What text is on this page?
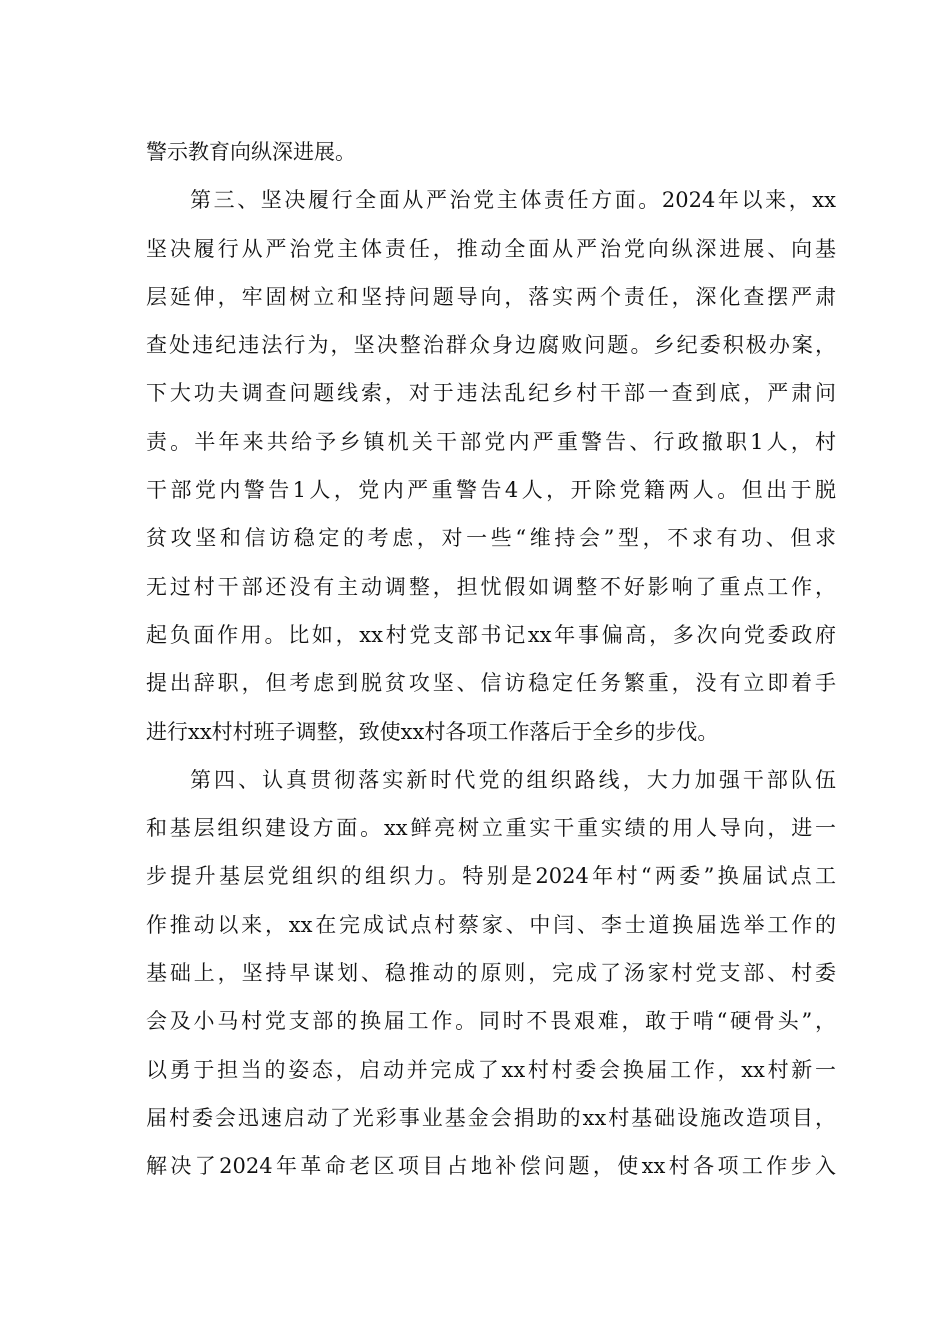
警示教育向纵深进展。
第三、坚决履行全面从严治党主体责任方面。2024年以来，xx
坚决履行从严治党主体责任，推动全面从严治党向纵深进展、向基
层延伸，牢固树立和坚持问题导向，落实两个责任，深化查摆严肃
查处违纪违法行为，坚决整治群众身边腐败问题。乡纪委积极办案，
下大功夫调查问题线索，对于违法乱纪乡村干部一查到底，严肃问
责。半年来共给予乡镇机关干部党内严重警告、行政撤职1人，村
干部党内警告1人，党内严重警告4人，开除党籍两人。但出于脱
贫攻坚和信访稳定的考虑，对一些“维持会”型，不求有功、但求
无过村干部还没有主动调整，担忧假如调整不好影响了重点工作，
起负面作用。比如，xx村党支部书记xx年事偏高，多次向党委政府
提出辞职，但考虑到脱贫攻坚、信访稳定任务繁重，没有立即着手
进行xx村村班子调整，致使xx村各项工作落后于全乡的步伐。
第四、认真贯彻落实新时代党的组织路线，大力加强干部队伍
和基层组织建设方面。xx鲜亮树立重实干重实绩的用人导向，进一
步提升基层党组织的组织力。特别是2024年村“两委”换届试点工
作推动以来，xx在完成试点村蔡家、中闫、李士道换届选举工作的
基础上，坚持早谋划、稳推动的原则，完成了汤家村党支部、村委
会及小马村党支部的换届工作。同时不畏艰难，敢于啃“硬骨头”，
以勇于担当的姿态，启动并完成了xx村村委会换届工作，xx村新一
届村委会迅速启动了光彩事业基金会捐助的xx村基础设施改造项目，
解决了2024年革命老区项目占地补偿问题，使xx村各项工作步入
